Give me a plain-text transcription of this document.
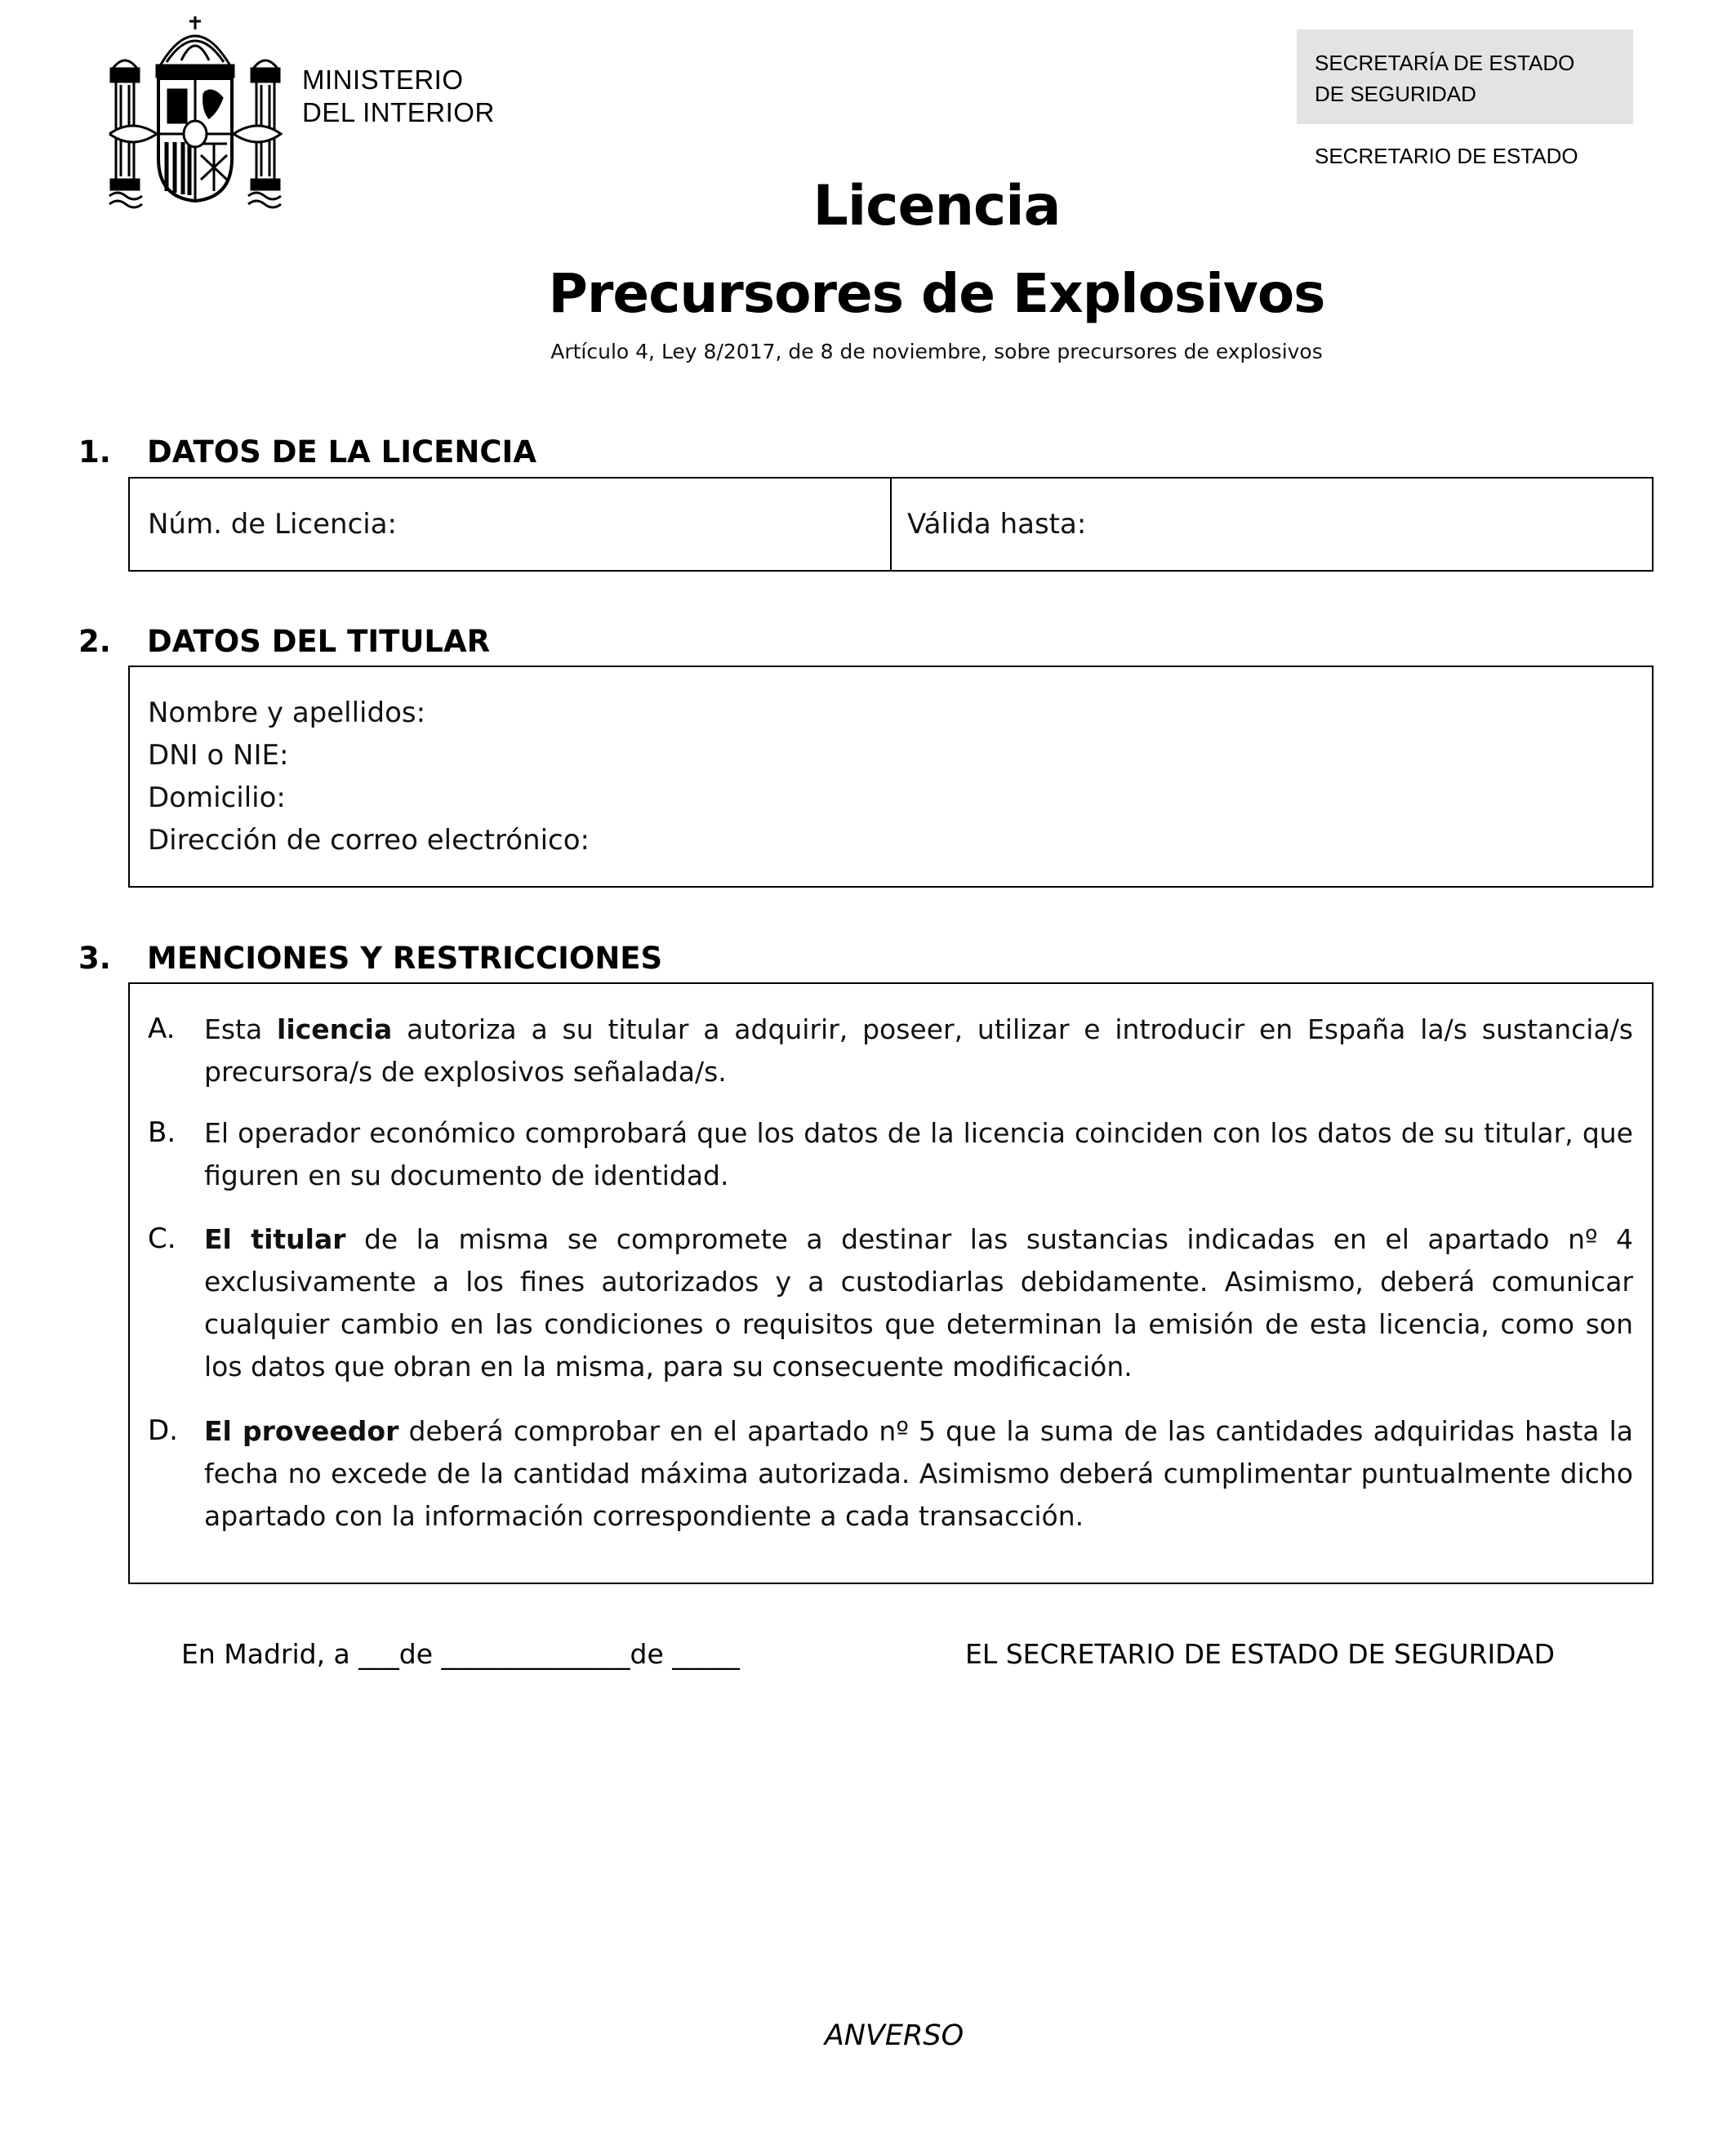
MINISTERIO
DEL INTERIOR
SECRETARÍA DE ESTADO
DE SEGURIDAD
SECRETARIO DE ESTADO
Licencia
Precursores de Explosivos
Artículo 4, Ley 8/2017, de 8 de noviembre, sobre precursores de explosivos
1. DATOS DE LA LICENCIA
Núm. de Licencia:	Válida hasta:
2. DATOS DEL TITULAR
Nombre y apellidos:
DNI o NIE:
Domicilio:
Dirección de correo electrónico:
3. MENCIONES Y RESTRICCIONES
A. Esta licencia autoriza a su titular a adquirir, poseer, utilizar e introducir en España la/s sustancia/s precursora/s de explosivos señalada/s.
B. El operador económico comprobará que los datos de la licencia coinciden con los datos de su titular, que figuren en su documento de identidad.
C. El titular de la misma se compromete a destinar las sustancias indicadas en el apartado nº 4 exclusivamente a los fines autorizados y a custodiarlas debidamente. Asimismo, deberá comunicar cualquier cambio en las condiciones o requisitos que determinan la emisión de esta licencia, como son los datos que obran en la misma, para su consecuente modificación.
D. El proveedor deberá comprobar en el apartado nº 5 que la suma de las cantidades adquiridas hasta la fecha no excede de la cantidad máxima autorizada. Asimismo deberá cumplimentar puntualmente dicho apartado con la información correspondiente a cada transacción.
En Madrid, a ___de ______________de _____	EL SECRETARIO DE ESTADO DE SEGURIDAD
ANVERSO
